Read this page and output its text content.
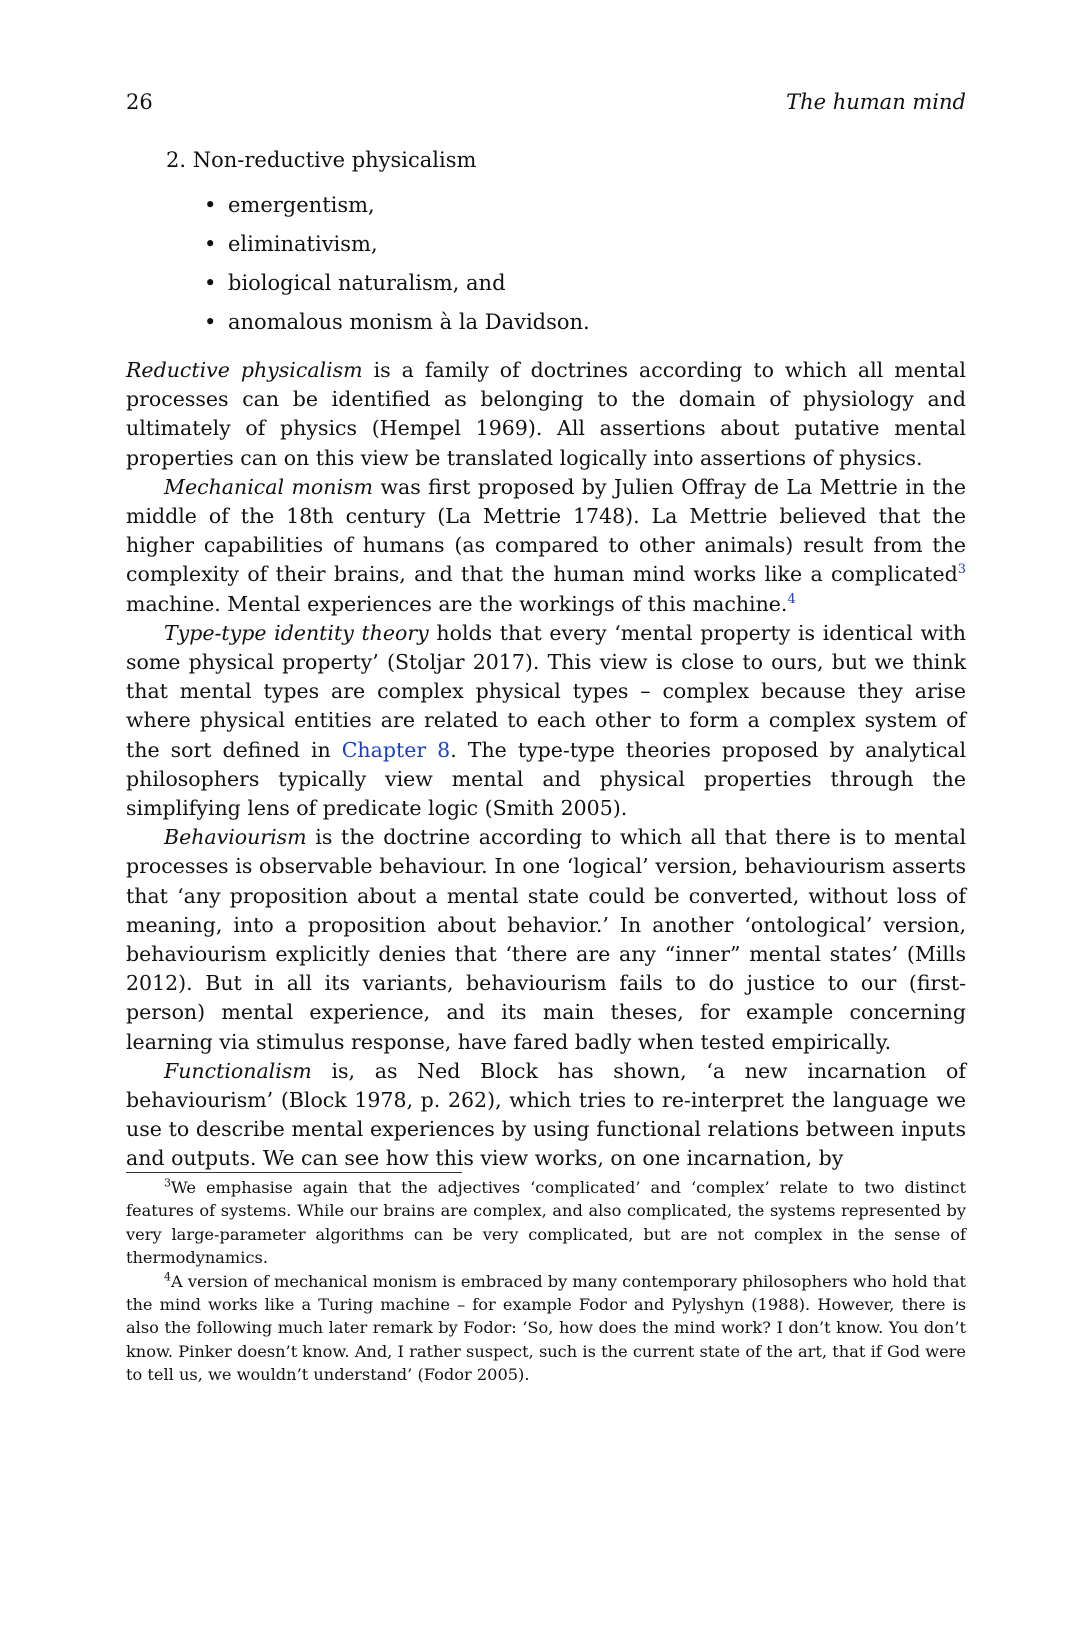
26	The human mind
2. Non-reductive physicalism
• emergentism,
• eliminativism,
• biological naturalism, and
• anomalous monism à la Davidson.

Reductive physicalism is a family of doctrines according to which all mental processes can be identified as belonging to the domain of physiology and ultimately of physics (Hempel 1969). All assertions about putative mental properties can on this view be translated logically into assertions of physics.

Mechanical monism was first proposed by Julien Offray de La Mettrie in the middle of the 18th century (La Mettrie 1748). La Mettrie believed that the higher capabilities of humans (as compared to other animals) result from the complexity of their brains, and that the human mind works like a complicated$^3$ machine. Mental experiences are the workings of this machine.$^4$

Type-type identity theory holds that every ‘mental property is identical with some physical property’ (Stoljar 2017). This view is close to ours, but we think that mental types are complex physical types – complex because they arise where physical entities are related to each other to form a complex system of the sort defined in Chapter 8. The type-type theories proposed by analytical philosophers typically view mental and physical properties through the simplifying lens of predicate logic (Smith 2005).

Behaviourism is the doctrine according to which all that there is to mental processes is observable behaviour. In one ‘logical’ version, behaviourism asserts that ‘any proposition about a mental state could be converted, without loss of meaning, into a proposition about behavior.’ In another ‘ontological’ version, behaviourism explicitly denies that ‘there are any “inner” mental states’ (Mills 2012). But in all its variants, behaviourism fails to do justice to our (first-person) mental experience, and its main theses, for example concerning learning via stimulus response, have fared badly when tested empirically.

Functionalism is, as Ned Block has shown, ‘a new incarnation of behaviourism’ (Block 1978, p. 262), which tries to re-interpret the language we use to describe mental experiences by using functional relations between inputs and outputs. We can see how this view works, on one incarnation, by

$^3$We emphasise again that the adjectives ‘complicated’ and ‘complex’ relate to two distinct features of systems. While our brains are complex, and also complicated, the systems represented by very large-parameter algorithms can be very complicated, but are not complex in the sense of thermodynamics.

$^4$A version of mechanical monism is embraced by many contemporary philosophers who hold that the mind works like a Turing machine – for example Fodor and Pylyshyn (1988). However, there is also the following much later remark by Fodor: ‘So, how does the mind work? I don’t know. You don’t know. Pinker doesn’t know. And, I rather suspect, such is the current state of the art, that if God were to tell us, we wouldn’t understand’ (Fodor 2005).
